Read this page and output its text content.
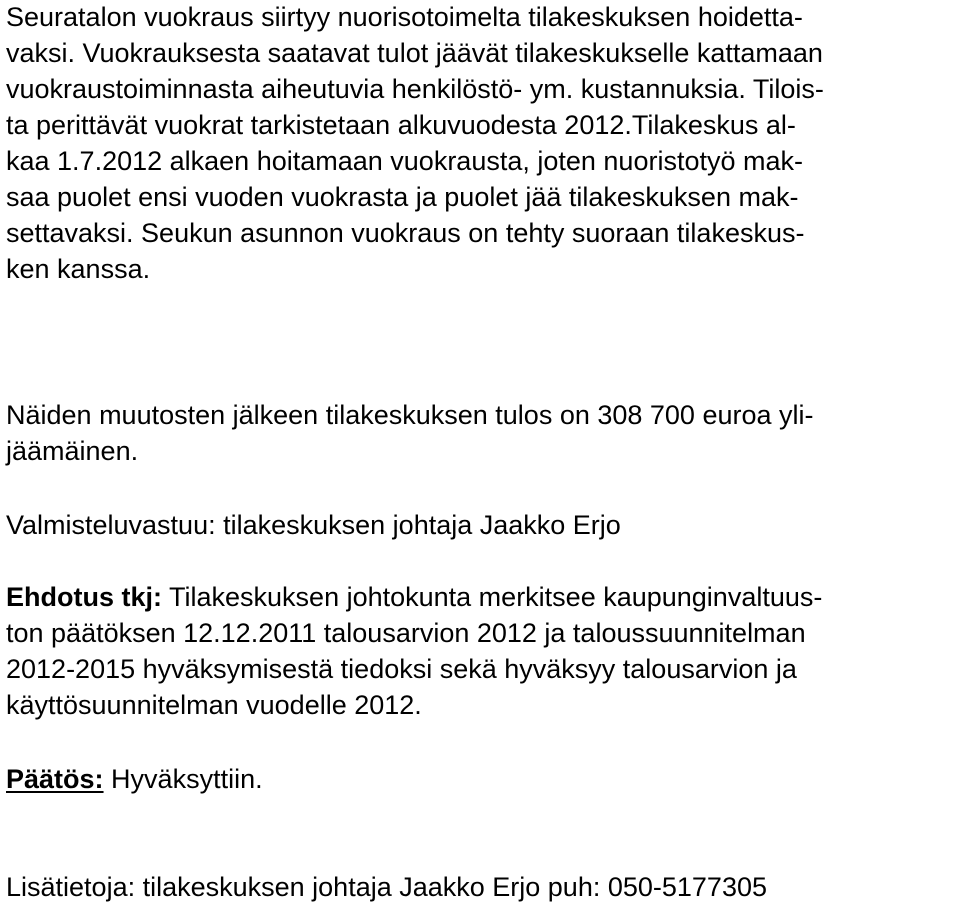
Seuratalon vuokraus siirtyy nuorisotoimelta tilakeskuksen hoidetta-
vaksi. Vuokrauksesta saatavat tulot jäävät tilakeskukselle kattamaan
vuokraustoiminnasta aiheutuvia henkilöstö- ym. kustannuksia. Tilois-
ta perittävät vuokrat tarkistetaan alkuvuodesta 2012.Tilakeskus al-
kaa 1.7.2012 alkaen hoitamaan vuokrausta, joten nuoristotyö mak-
saa puolet ensi vuoden vuokrasta ja puolet jää tilakeskuksen mak-
settavaksi. Seukun asunnon vuokraus on tehty suoraan tilakeskus-
ken kanssa.
Näiden muutosten jälkeen tilakeskuksen tulos on 308 700 euroa yli-
jäämäinen.
Valmisteluvastuu: tilakeskuksen johtaja Jaakko Erjo
Ehdotus tkj: Tilakeskuksen johtokunta merkitsee kaupunginvaltuus-
ton päätöksen 12.12.2011 talousarvion 2012 ja taloussuunnitelman
2012-2015 hyväksymisestä tiedoksi sekä hyväksyy talousarvion ja
käyttösuunnitelman vuodelle 2012.
Päätös: Hyväksyttiin.
Lisätietoja: tilakeskuksen johtaja Jaakko Erjo puh: 050-5177305
